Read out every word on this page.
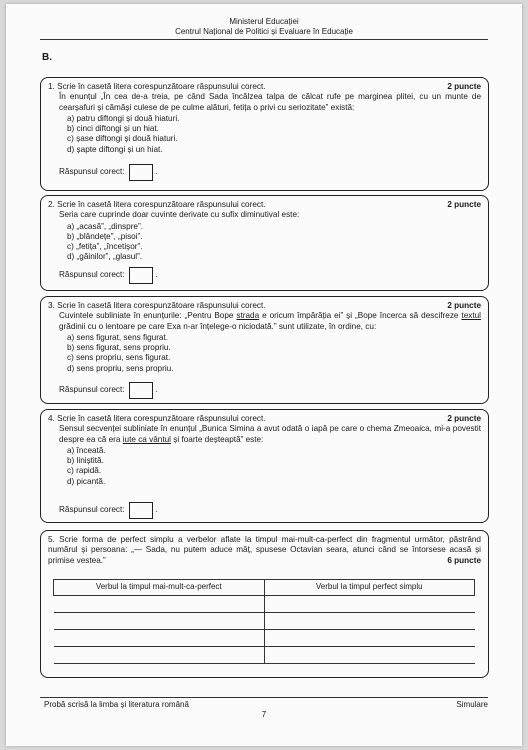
Ministerul Educației
Centrul Național de Politici și Evaluare în Educație
B.
1. Scrie în casetă litera corespunzătoare răspunsului corect.	2 puncte
În enunțul „În cea de-a treia, pe când Sada încălzea talpa de călcat rufe pe marginea plitei, cu un munte de cearșafuri și cămăși culese de pe culme alături, fetița o privi cu seriozitate” există:
a) patru diftongi și două hiaturi.
b) cinci diftongi și un hiat.
c) șase diftongi și două hiaturi.
d) șapte diftongi și un hiat.
Răspunsul corect:	.
2. Scrie în casetă litera corespunzătoare răspunsului corect.	2 puncte
Seria care cuprinde doar cuvinte derivate cu sufix diminutival este:
a) „acasă”, „dinspre”.
b) „blândețe”, „pisoi”.
c) „fetița”, „încetișor”.
d) „găinilor”, „glasul”.
Răspunsul corect:	.
3. Scrie în casetă litera corespunzătoare răspunsului corect.	2 puncte
Cuvintele subliniate în enunțurile: „Pentru Bope strada e oricum împărăția ei” și „Bope încerca să descifreze textul grădinii cu o lentoare pe care Exa n-ar înțelege-o niciodată.” sunt utilizate, în ordine, cu:
a) sens figurat, sens figurat.
b) sens figurat, sens propriu.
c) sens propriu, sens figurat.
d) sens propriu, sens propriu.
Răspunsul corect:	.
4. Scrie în casetă litera corespunzătoare răspunsului corect.	2 puncte
Sensul secvenței subliniate în enunțul „Bunica Simina a avut odată o iapă pe care o chema Zmeoaica, mi-a povestit despre ea că era iute ca vântul și foarte deșteaptă” este:
a) înceată.
b) liniștită.
c) rapidă.
d) picantă.
Răspunsul corect:	.
5. Scrie forma de perfect simplu a verbelor aflate la timpul mai-mult-ca-perfect din fragmentul următor, păstrând numărul și persoana: „— Sada, nu putem aduce mâț, spusese Octavian seara, atunci când se întorsese acasă și primise vestea.”	6 puncte
Verbul la timpul mai-mult-ca-perfect	Verbul la timpul perfect simplu

Probă scrisă la limba și literatura română	Simulare
7
